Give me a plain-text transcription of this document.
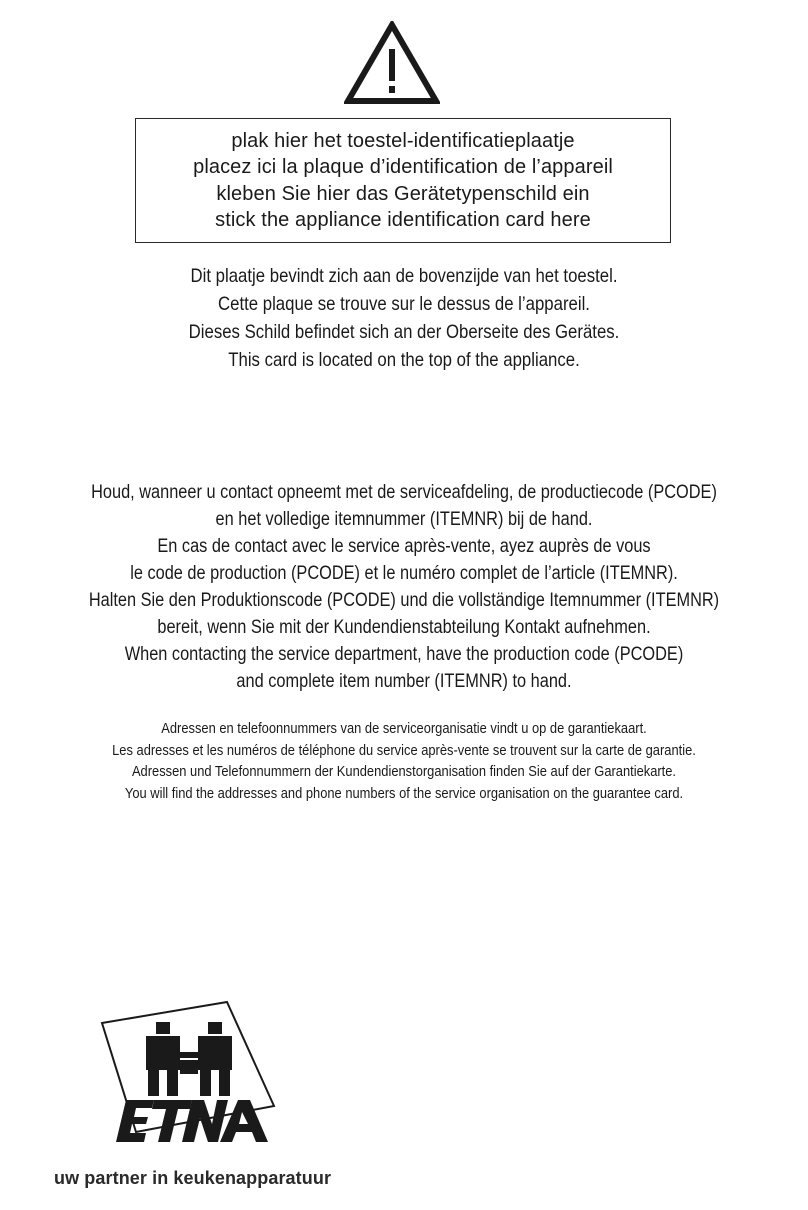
plak hier het toestel-identificatieplaatje
placez ici la plaque d’identification de l’appareil
kleben Sie hier das Gerätetypenschild ein
stick the appliance identification card here
Dit plaatje bevindt zich aan de bovenzijde van het toestel.
Cette plaque se trouve sur le dessus de l’appareil.
Dieses Schild befindet sich an der Oberseite des Gerätes.
This card is located on the top of the appliance.
Houd, wanneer u contact opneemt met de serviceafdeling, de productiecode (PCODE)
en het volledige itemnummer (ITEMNR) bij de hand.
En cas de contact avec le service après-vente, ayez auprès de vous
le code de production (PCODE) et le numéro complet de l’article (ITEMNR).
Halten Sie den Produktionscode (PCODE) und die vollständige Itemnummer (ITEMNR)
bereit, wenn Sie mit der Kundendienstabteilung Kontakt aufnehmen.
When contacting the service department, have the production code (PCODE)
and complete item number (ITEMNR) to hand.
Adressen en telefoonnummers van de serviceorganisatie vindt u op de garantiekaart.
Les adresses et les numéros de téléphone du service après-vente se trouvent sur la carte de garantie.
Adressen und Telefonnummern der Kundendienstorganisation finden Sie auf der Garantiekarte.
You will find the addresses and phone numbers of the service organisation on the guarantee card.
uw partner in keukenapparatuur
